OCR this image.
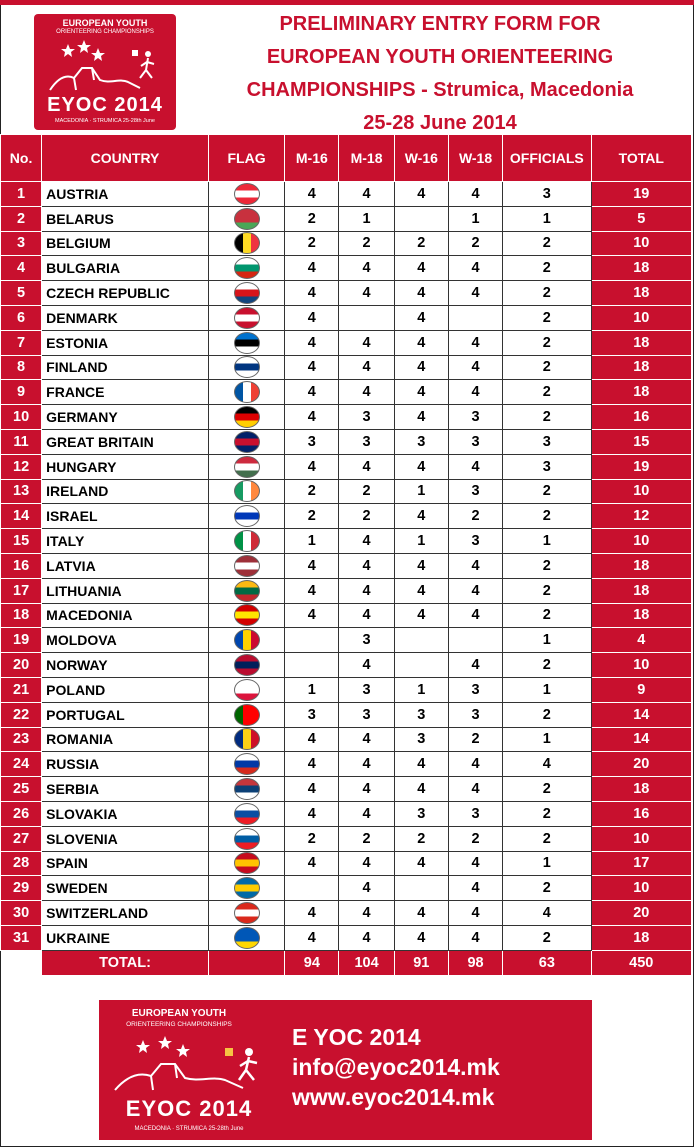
EUROPEAN YOUTH
ORIENTEERING CHAMPIONSHIPS
EYOC 2014
MACEDONIA · STRUMICA 25-28th June
PRELIMINARY ENTRY FORM FOR
EUROPEAN YOUTH ORIENTEERING
CHAMPIONSHIPS - Strumica, Macedonia
25-28 June 2014
No.	COUNTRY	FLAG	M-16	M-18	W-16	W-18	OFFICIALS	TOTAL
1	AUSTRIA		4	4	4	4	3	19
2	BELARUS		2	1		1	1	5
3	BELGIUM		2	2	2	2	2	10
4	BULGARIA		4	4	4	4	2	18
5	CZECH REPUBLIC		4	4	4	4	2	18
6	DENMARK		4		4		2	10
7	ESTONIA		4	4	4	4	2	18
8	FINLAND		4	4	4	4	2	18
9	FRANCE		4	4	4	4	2	18
10	GERMANY		4	3	4	3	2	16
11	GREAT BRITAIN		3	3	3	3	3	15
12	HUNGARY		4	4	4	4	3	19
13	IRELAND		2	2	1	3	2	10
14	ISRAEL		2	2	4	2	2	12
15	ITALY		1	4	1	3	1	10
16	LATVIA		4	4	4	4	2	18
17	LITHUANIA		4	4	4	4	2	18
18	MACEDONIA		4	4	4	4	2	18
19	MOLDOVA			3			1	4
20	NORWAY			4		4	2	10
21	POLAND		1	3	1	3	1	9
22	PORTUGAL		3	3	3	3	2	14
23	ROMANIA		4	4	3	2	1	14
24	RUSSIA		4	4	4	4	4	20
25	SERBIA		4	4	4	4	2	18
26	SLOVAKIA		4	4	3	3	2	16
27	SLOVENIA		2	2	2	2	2	10
28	SPAIN		4	4	4	4	1	17
29	SWEDEN			4		4	2	10
30	SWITZERLAND		4	4	4	4	4	20
31	UKRAINE		4	4	4	4	2	18
	TOTAL:		94	104	91	98	63	450
EUROPEAN YOUTH
ORIENTEERING CHAMPIONSHIPS
EYOC 2014
MACEDONIA · STRUMICA 25-28th June
E YOC 2014
info@eyoc2014.mk
www.eyoc2014.mk
